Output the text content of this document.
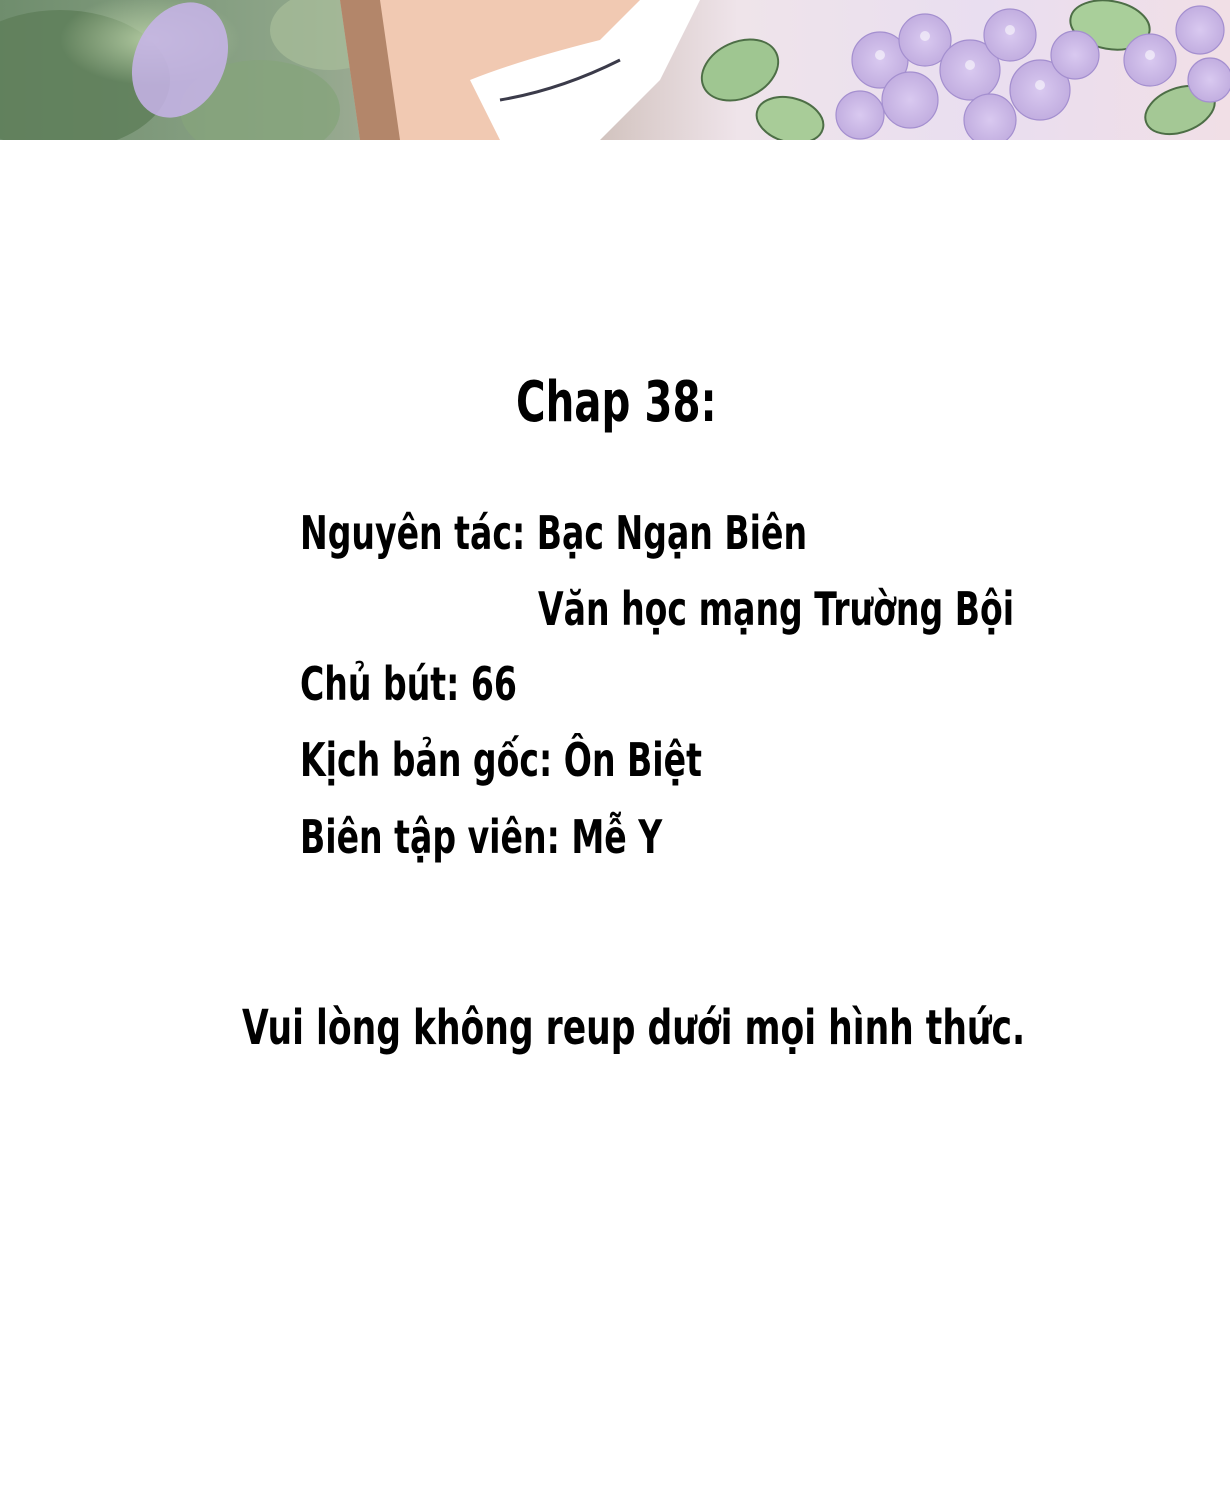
Chap 38:
Nguyên tác: Bạc Ngạn Biên
Văn học mạng Trường Bội
Chủ bút: 66
Kịch bản gốc: Ôn Biệt
Biên tập viên: Mễ Y
Vui lòng không reup dưới mọi hình thức.
